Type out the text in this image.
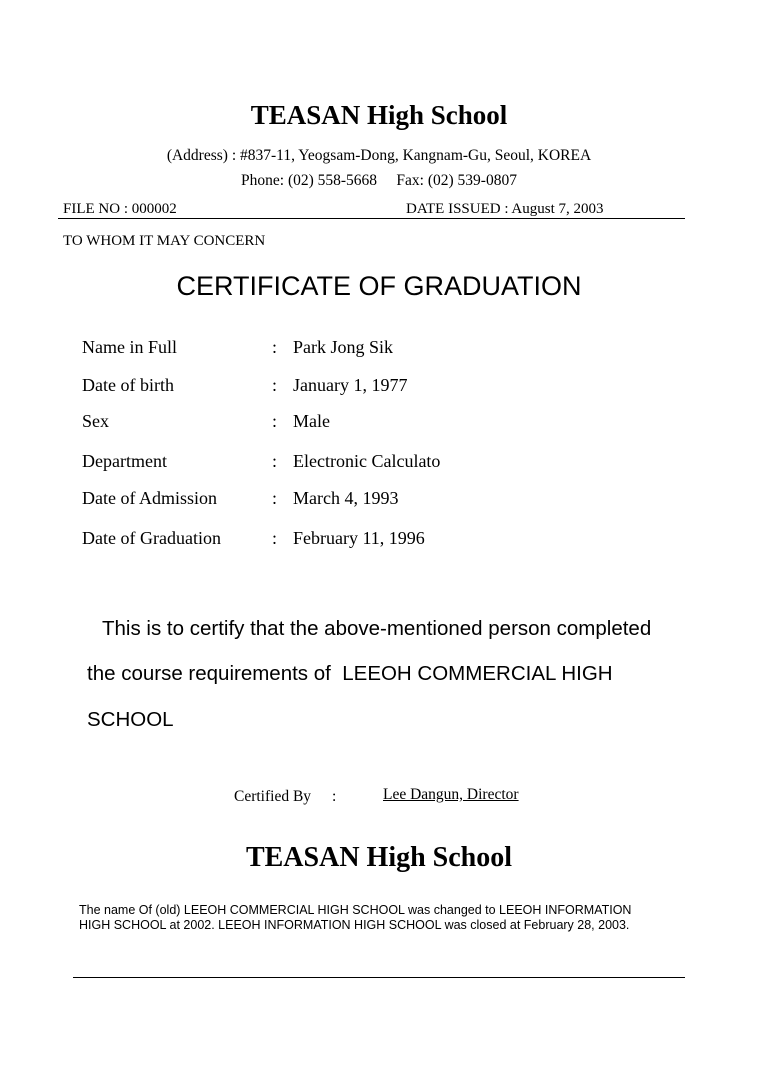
TEASAN High School
(Address) : #837-11, Yeogsam-Dong, Kangnam-Gu, Seoul, KOREA
Phone: (02) 558-5668     Fax: (02) 539-0807
FILE NO : 000002	DATE ISSUED : August 7, 2003
TO WHOM IT MAY CONCERN
CERTIFICATE OF GRADUATION
Name in Full	: Park Jong Sik
Date of birth	: January 1, 1977
Sex	: Male
Department	: Electronic Calculato
Date of Admission	: March 4, 1993
Date of Graduation	: February 11, 1996
This is to certify that the above-mentioned person completed
the course requirements of  LEEOH COMMERCIAL HIGH
SCHOOL
Certified By :	Lee Dangun, Director
TEASAN High School
The name Of (old) LEEOH COMMERCIAL HIGH SCHOOL was changed to LEEOH INFORMATION
HIGH SCHOOL at 2002. LEEOH INFORMATION HIGH SCHOOL was closed at February 28, 2003.
